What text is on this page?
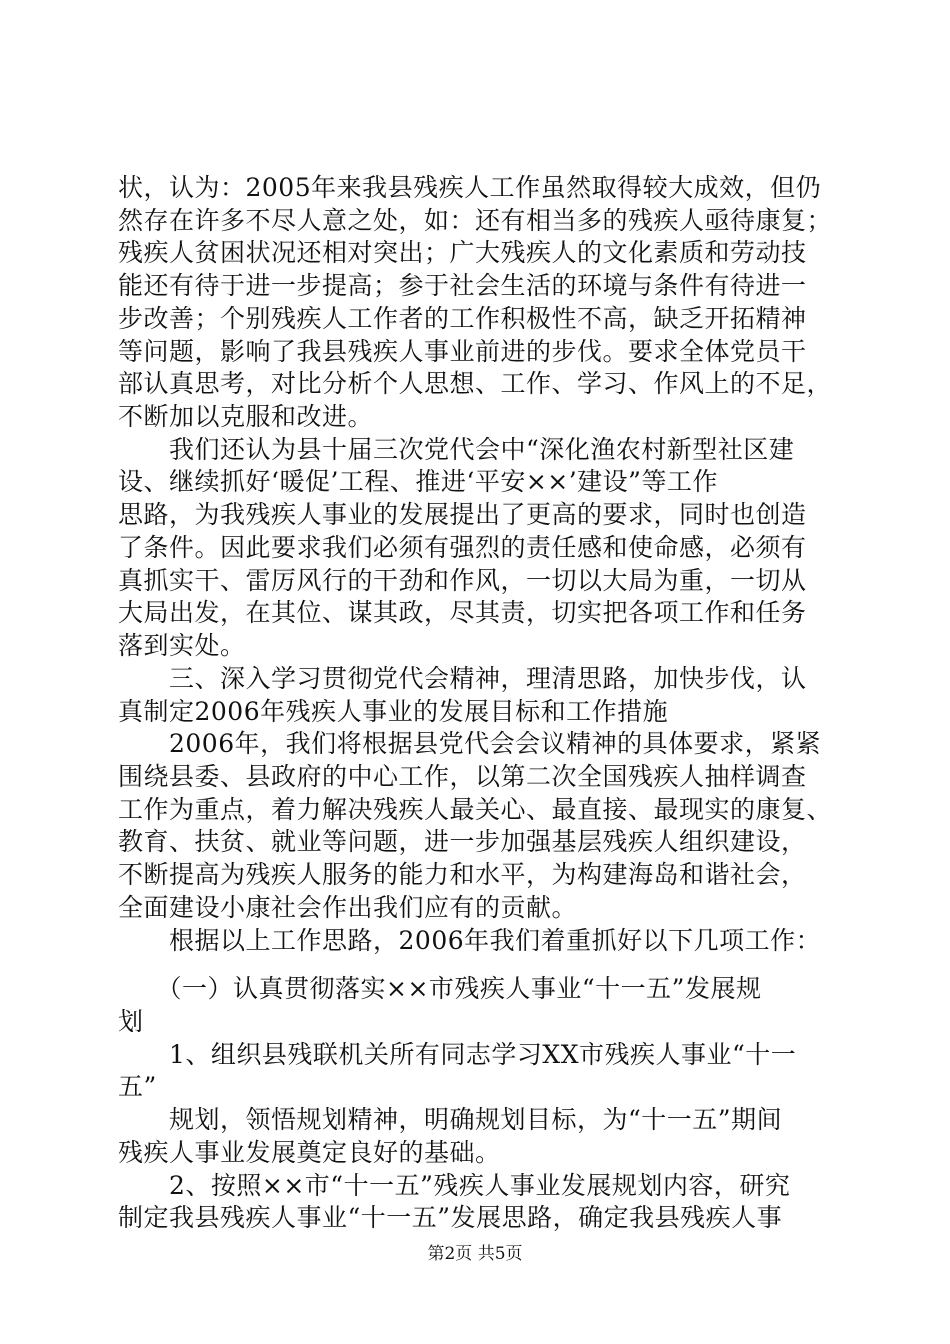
状，认为：2005年来我县残疾人工作虽然取得较大成效，但仍
然存在许多不尽人意之处，如：还有相当多的残疾人亟待康复；
残疾人贫困状况还相对突出；广大残疾人的文化素质和劳动技
能还有待于进一步提高；参于社会生活的环境与条件有待进一
步改善；个别残疾人工作者的工作积极性不高，缺乏开拓精神
等问题，影响了我县残疾人事业前进的步伐。要求全体党员干
部认真思考，对比分析个人思想、工作、学习、作风上的不足，
不断加以克服和改进。
　　我们还认为县十届三次党代会中“深化渔农村新型社区建
设、继续抓好‘暖促’工程、推进‘平安××’建设”等工作
思路，为我残疾人事业的发展提出了更高的要求，同时也创造
了条件。因此要求我们必须有强烈的责任感和使命感，必须有
真抓实干、雷厉风行的干劲和作风，一切以大局为重，一切从
大局出发，在其位、谋其政，尽其责，切实把各项工作和任务
落到实处。
　　三、深入学习贯彻党代会精神，理清思路，加快步伐，认
真制定2006年残疾人事业的发展目标和工作措施
　　2006年，我们将根据县党代会会议精神的具体要求，紧紧
围绕县委、县政府的中心工作，以第二次全国残疾人抽样调查
工作为重点，着力解决残疾人最关心、最直接、最现实的康复、
教育、扶贫、就业等问题，进一步加强基层残疾人组织建设，
不断提高为残疾人服务的能力和水平，为构建海岛和谐社会，
全面建设小康社会作出我们应有的贡献。
　　根据以上工作思路，2006年我们着重抓好以下几项工作：
　　（一）认真贯彻落实××市残疾人事业“十一五”发展规
划
　　1、组织县残联机关所有同志学习XX市残疾人事业“十一
五”
　　规划，领悟规划精神，明确规划目标，为“十一五”期间
残疾人事业发展奠定良好的基础。
　　2、按照××市“十一五”残疾人事业发展规划内容，研究
制定我县残疾人事业“十一五”发展思路，确定我县残疾人事
第2页 共5页
